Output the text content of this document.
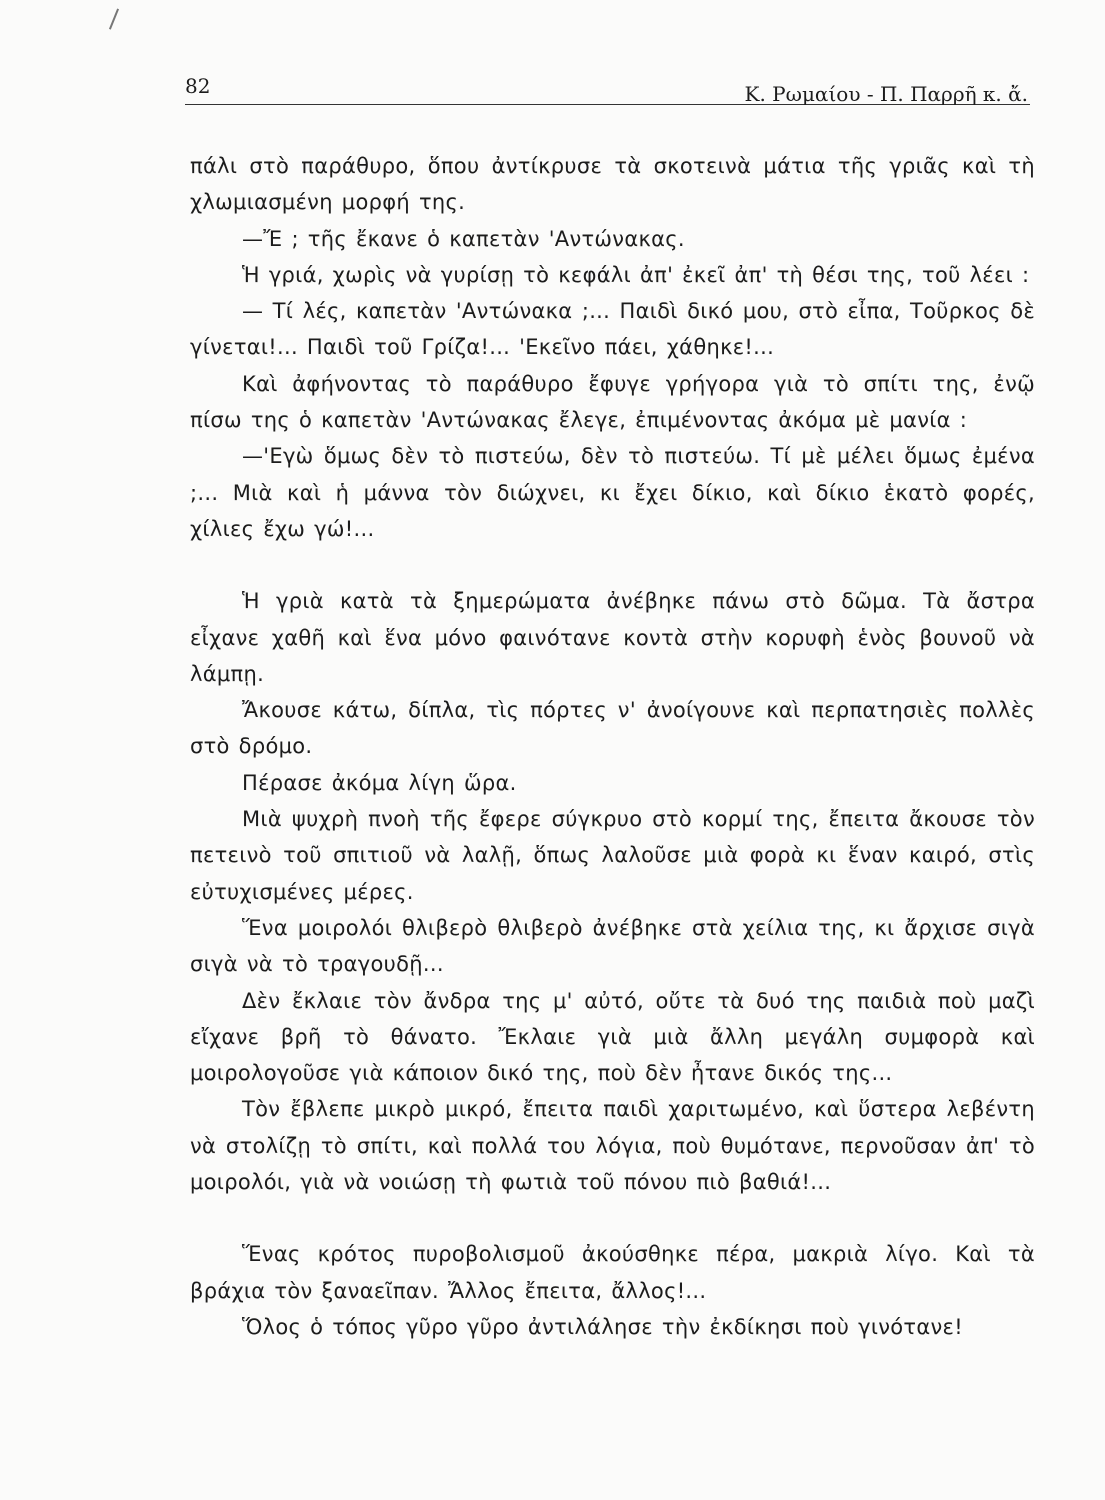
82	Κ. Ρωμαίου - Π. Παρρῆ κ. ἄ.

πάλι στὸ παράθυρο, ὅπου ἀντίκρυσε τὰ σκοτεινὰ μάτια τῆς γριᾶς καὶ τὴ χλωμιασμένη μορφή της.

—Ἔ ; τῆς ἔκανε ὁ καπετὰν 'Αντώνακας.

Ἡ γριά, χωρὶς νὰ γυρίσῃ τὸ κεφάλι ἀπ' ἐκεῖ ἀπ' τὴ θέσι της, τοῦ λέει :

— Τί λές, καπετὰν 'Αντώνακα ;... Παιδὶ δικό μου, στὸ εἶπα, Τοῦρκος δὲ γίνεται!... Παιδὶ τοῦ Γρίζα!... 'Εκεῖνο πάει, χάθηκε!...

Καὶ ἀφήνοντας τὸ παράθυρο ἔφυγε γρήγορα γιὰ τὸ σπίτι της, ἐνῷ πίσω της ὁ καπετὰν 'Αντώνακας ἔλεγε, ἐπιμένοντας ἀκόμα μὲ μανία :

—'Εγὼ ὅμως δὲν τὸ πιστεύω, δὲν τὸ πιστεύω. Τί μὲ μέλει ὅμως ἐμένα ;... Μιὰ καὶ ἡ μάννα τὸν διώχνει, κι ἔχει δίκιο, καὶ δίκιο ἑκατὸ φορές, χίλιες ἔχω γώ!...

Ἡ γριὰ κατὰ τὰ ξημερώματα ἀνέβηκε πάνω στὸ δῶμα. Τὰ ἄστρα εἶχανε χαθῆ καὶ ἕνα μόνο φαινότανε κοντὰ στὴν κορυφὴ ἑνὸς βουνοῦ νὰ λάμπῃ.

Ἄκουσε κάτω, δίπλα, τὶς πόρτες ν' ἀνοίγουνε καὶ περπατησιὲς πολλὲς στὸ δρόμο.

Πέρασε ἀκόμα λίγη ὥρα.

Μιὰ ψυχρὴ πνοὴ τῆς ἔφερε σύγκρυο στὸ κορμί της, ἔπειτα ἄκουσε τὸν πετεινὸ τοῦ σπιτιοῦ νὰ λαλῇ, ὅπως λαλοῦσε μιὰ φορὰ κι ἕναν καιρό, στὶς εὐτυχισμένες μέρες.

Ἕνα μοιρολόι θλιβερὸ θλιβερὸ ἀνέβηκε στὰ χείλια της, κι ἄρχισε σιγὰ σιγὰ νὰ τὸ τραγουδῇ...

Δὲν ἔκλαιε τὸν ἄνδρα της μ' αὐτό, οὔτε τὰ δυό της παιδιὰ ποὺ μαζὶ εἴχανε βρῆ τὸ θάνατο. Ἔκλαιε γιὰ μιὰ ἄλλη μεγάλη συμφορὰ καὶ μοιρολογοῦσε γιὰ κάποιον δικό της, ποὺ δὲν ἦτανε δικός της...

Τὸν ἔβλεπε μικρὸ μικρό, ἔπειτα παιδὶ χαριτωμένο, καὶ ὕστερα λεβέντη νὰ στολίζῃ τὸ σπίτι, καὶ πολλά του λόγια, ποὺ θυμότανε, περνοῦσαν ἀπ' τὸ μοιρολόι, γιὰ νὰ νοιώσῃ τὴ φωτιὰ τοῦ πόνου πιὸ βαθιά!...

Ἕνας κρότος πυροβολισμοῦ ἀκούσθηκε πέρα, μακριὰ λίγο. Καὶ τὰ βράχια τὸν ξαναεῖπαν. Ἄλλος ἔπειτα, ἄλλος!...

Ὅλος ὁ τόπος γῦρο γῦρο ἀντιλάλησε τὴν ἐκδίκησι ποὺ γινότανε!
